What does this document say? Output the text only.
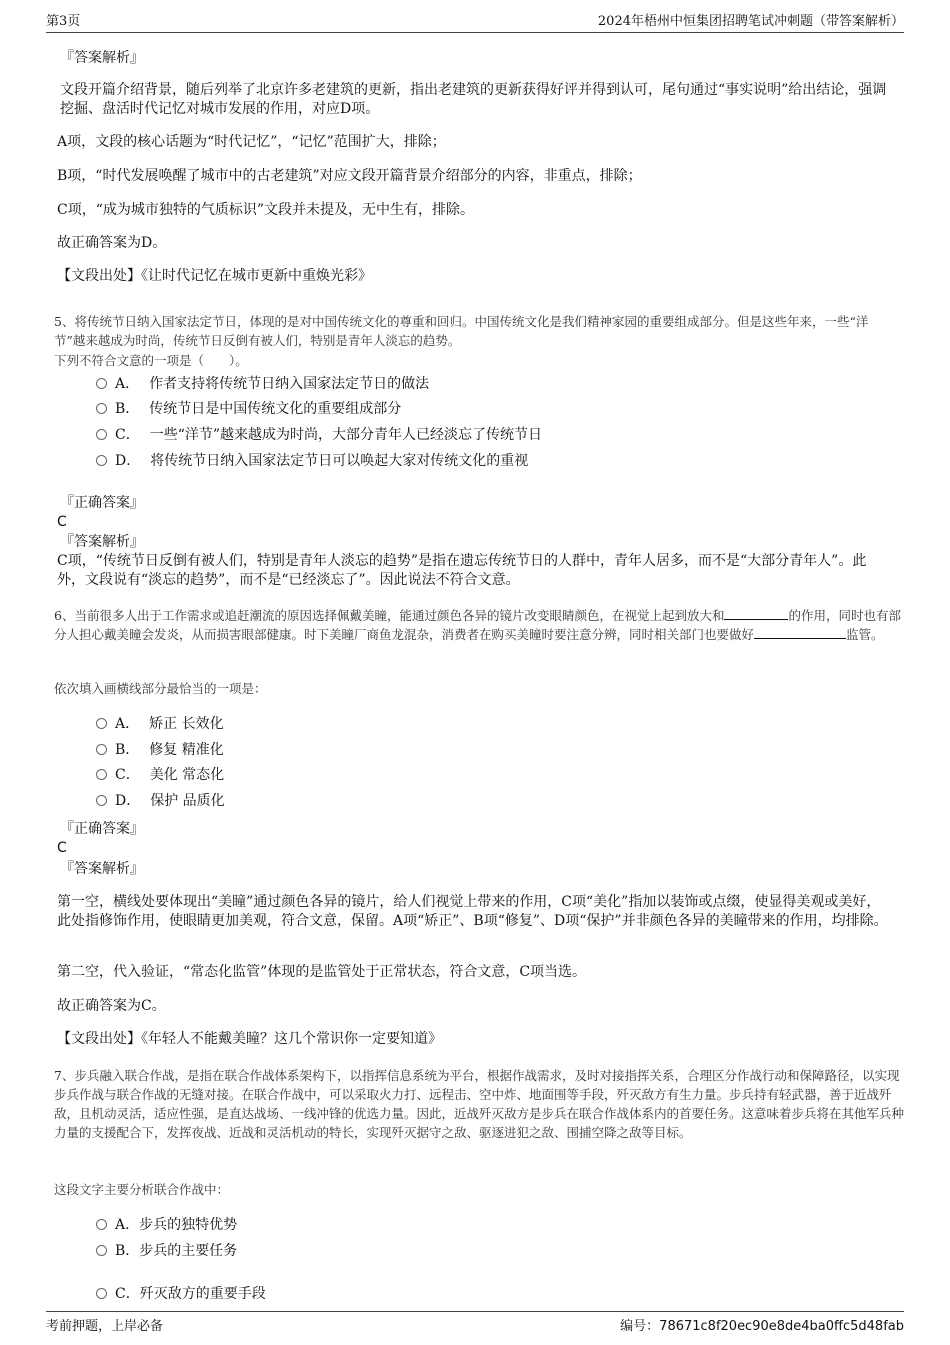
第3页	2024年梧州中恒集团招聘笔试冲刺题（带答案解析）

『答案解析』

文段开篇介绍背景，随后列举了北京许多老建筑的更新，指出老建筑的更新获得好评并得到认可，尾句通过“事实说明”给出结论，强调挖掘、盘活时代记忆对城市发展的作用，对应D项。

A项，文段的核心话题为“时代记忆”，“记忆”范围扩大，排除；

B项，“时代发展唤醒了城市中的古老建筑”对应文段开篇背景介绍部分的内容，非重点，排除；

C项，“成为城市独特的气质标识”文段并未提及，无中生有，排除。

故正确答案为D。

【文段出处】《让时代记忆在城市更新中重焕光彩》

5、将传统节日纳入国家法定节日，体现的是对中国传统文化的尊重和回归。中国传统文化是我们精神家园的重要组成部分。但是这些年来，一些“洋节”越来越成为时尚，传统节日反倒有被人们，特别是青年人淡忘的趋势。

下列不符合文意的一项是（　　）。

A． 作者支持将传统节日纳入国家法定节日的做法
B． 传统节日是中国传统文化的重要组成部分
C． 一些“洋节”越来越成为时尚，大部分青年人已经淡忘了传统节日
D． 将传统节日纳入国家法定节日可以唤起大家对传统文化的重视

『正确答案』

C

『答案解析』

C项，“传统节日反倒有被人们，特别是青年人淡忘的趋势”是指在遗忘传统节日的人群中，青年人居多，而不是“大部分青年人”。此外，文段说有“淡忘的趋势”，而不是“已经淡忘了”。因此说法不符合文意。

6、当前很多人出于工作需求或追赶潮流的原因选择佩戴美瞳，能通过颜色各异的镜片改变眼睛颜色，在视觉上起到放大和	的作用，同时也有部分人担心戴美瞳会发炎，从而损害眼部健康。时下美瞳厂商鱼龙混杂，消费者在购买美瞳时要注意分辨，同时相关部门也要做好	监管。

依次填入画横线部分最恰当的一项是：

A． 矫正 长效化
B． 修复 精准化
C． 美化 常态化
D． 保护 品质化

『正确答案』

C

『答案解析』

第一空，横线处要体现出“美瞳”通过颜色各异的镜片，给人们视觉上带来的作用，C项“美化”指加以装饰或点缀，使显得美观或美好，此处指修饰作用，使眼睛更加美观，符合文意，保留。A项“矫正”、B项“修复”、D项“保护”并非颜色各异的美瞳带来的作用，均排除。

第二空，代入验证，“常态化监管”体现的是监管处于正常状态，符合文意，C项当选。

故正确答案为C。

【文段出处】《年轻人不能戴美瞳？这几个常识你一定要知道》

7、步兵融入联合作战，是指在联合作战体系架构下，以指挥信息系统为平台，根据作战需求，及时对接指挥关系，合理区分作战行动和保障路径，以实现步兵作战与联合作战的无缝对接。在联合作战中，可以采取火力打、远程击、空中炸、地面围等手段，歼灭敌方有生力量。步兵持有轻武器，善于近战歼敌，且机动灵活，适应性强，是直达战场、一线冲锋的优选力量。因此，近战歼灭敌方是步兵在联合作战体系内的首要任务。这意味着步兵将在其他军兵种力量的支援配合下，发挥夜战、近战和灵活机动的特长，实现歼灭据守之敌、驱逐进犯之敌、围捕空降之敌等目标。

这段文字主要分析联合作战中：

A．步兵的独特优势
B．步兵的主要任务
C．歼灭敌方的重要手段
考前押题，上岸必备	编号：78671c8f20ec90e8de4ba0ffc5d48fab
